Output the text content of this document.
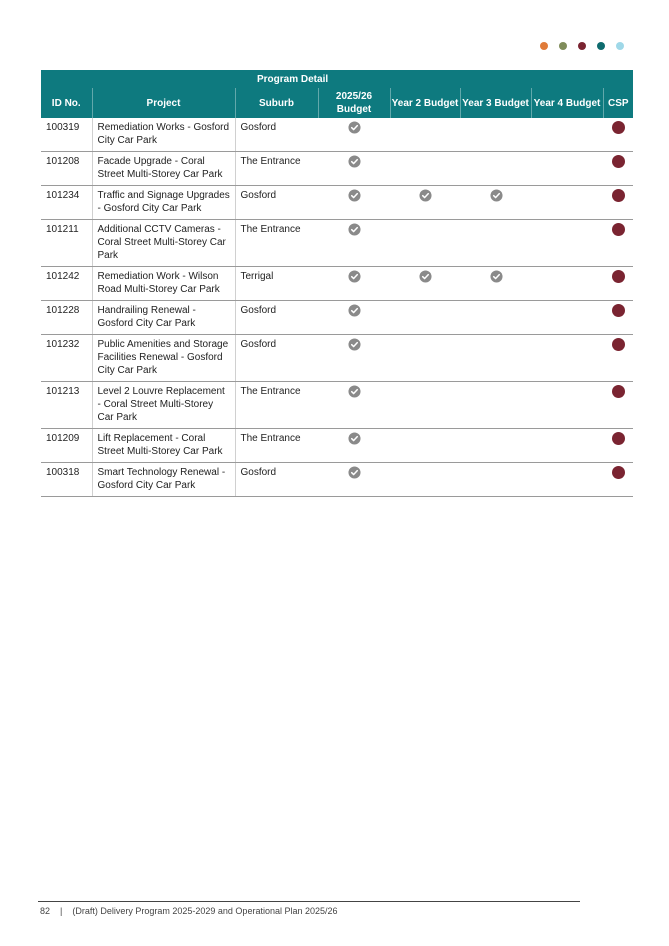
		Program Detail					
ID No.	Project	Suburb	2025/26 Budget	Year 2 Budget	Year 3 Budget	Year 4 Budget	CSP
100319	Remediation Works - Gosford City Car Park	Gosford					
101208	Facade Upgrade - Coral Street Multi-Storey Car Park	The Entrance					
101234	Traffic and Signage Upgrades - Gosford City Car Park	Gosford					
101211	Additional CCTV Cameras - Coral Street Multi-Storey Car Park	The Entrance					
101242	Remediation Work - Wilson Road Multi-Storey Car Park	Terrigal					
101228	Handrailing Renewal - Gosford City Car Park	Gosford					
101232	Public Amenities and Storage Facilities Renewal - Gosford City Car Park	Gosford					
101213	Level 2 Louvre Replacement - Coral Street Multi-Storey Car Park	The Entrance					
101209	Lift Replacement - Coral Street Multi-Storey Car Park	The Entrance					
100318	Smart Technology Renewal - Gosford City Car Park	Gosford					
82 | (Draft) Delivery Program 2025-2029 and Operational Plan 2025/26
